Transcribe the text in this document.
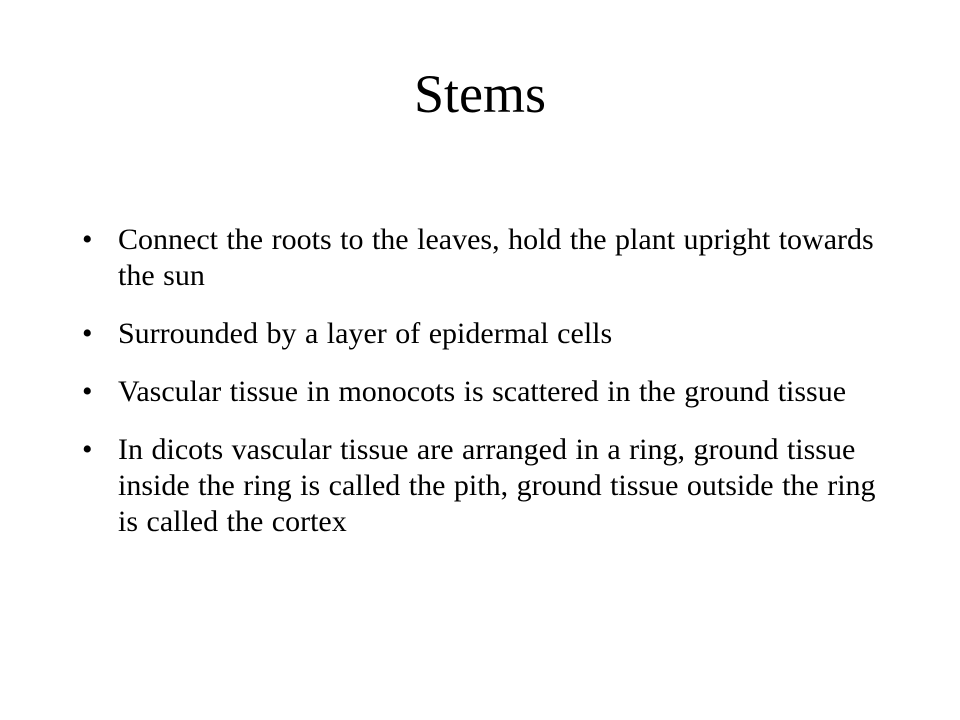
Stems
• Connect the roots to the leaves, hold the plant upright towards the sun
• Surrounded by a layer of epidermal cells
• Vascular tissue in monocots is scattered in the ground tissue
• In dicots vascular tissue are arranged in a ring, ground tissue inside the ring is called the pith, ground tissue outside the ring is called the cortex
